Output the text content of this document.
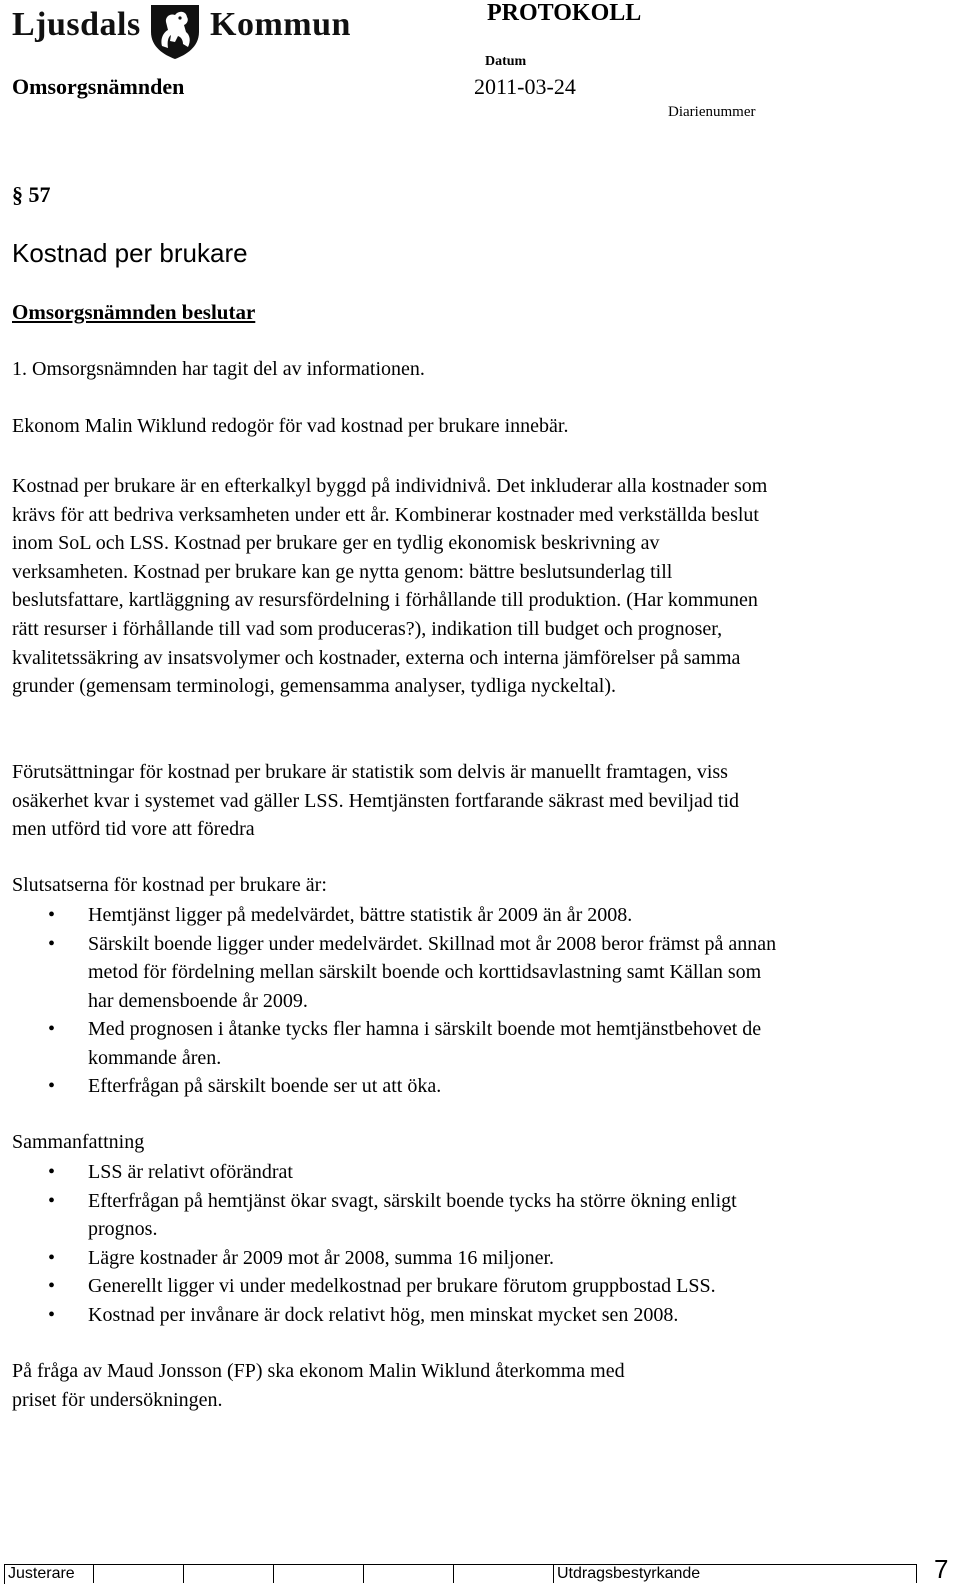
Ljusdals Kommun	PROTOKOLL
Datum
Omsorgsnämnden	2011-03-24
Diarienummer
§ 57
Kostnad per brukare
Omsorgsnämnden beslutar
1. Omsorgsnämnden har tagit del av informationen.
Ekonom Malin Wiklund redogör för vad kostnad per brukare innebär.
Kostnad per brukare är en efterkalkyl byggd på individnivå. Det inkluderar alla kostnader som
krävs för att bedriva verksamheten under ett år. Kombinerar kostnader med verkställda beslut
inom SoL och LSS. Kostnad per brukare ger en tydlig ekonomisk beskrivning av
verksamheten. Kostnad per brukare kan ge nytta genom: bättre beslutsunderlag till
beslutsfattare, kartläggning av resursfördelning i förhållande till produktion. (Har kommunen
rätt resurser i förhållande till vad som produceras?), indikation till budget och prognoser,
kvalitetssäkring av insatsvolymer och kostnader, externa och interna jämförelser på samma
grunder (gemensam terminologi, gemensamma analyser, tydliga nyckeltal).
Förutsättningar för kostnad per brukare är statistik som delvis är manuellt framtagen, viss
osäkerhet kvar i systemet vad gäller LSS. Hemtjänsten fortfarande säkrast med beviljad tid
men utförd tid vore att föredra
Slutsatserna för kostnad per brukare är:
• Hemtjänst ligger på medelvärdet, bättre statistik år 2009 än år 2008.
• Särskilt boende ligger under medelvärdet. Skillnad mot år 2008 beror främst på annan
metod för fördelning mellan särskilt boende och korttidsavlastning samt Källan som
har demensboende år 2009.
• Med prognosen i åtanke tycks fler hamna i särskilt boende mot hemtjänstbehovet de
kommande åren.
• Efterfrågan på särskilt boende ser ut att öka.
Sammanfattning
• LSS är relativt oförändrat
• Efterfrågan på hemtjänst ökar svagt, särskilt boende tycks ha större ökning enligt
prognos.
• Lägre kostnader år 2009 mot år 2008, summa 16 miljoner.
• Generellt ligger vi under medelkostnad per brukare förutom gruppbostad LSS.
• Kostnad per invånare är dock relativt hög, men minskat mycket sen 2008.
På fråga av Maud Jonsson (FP) ska ekonom Malin Wiklund återkomma med
priset för undersökningen.
Justerare	Utdragsbestyrkande	7
